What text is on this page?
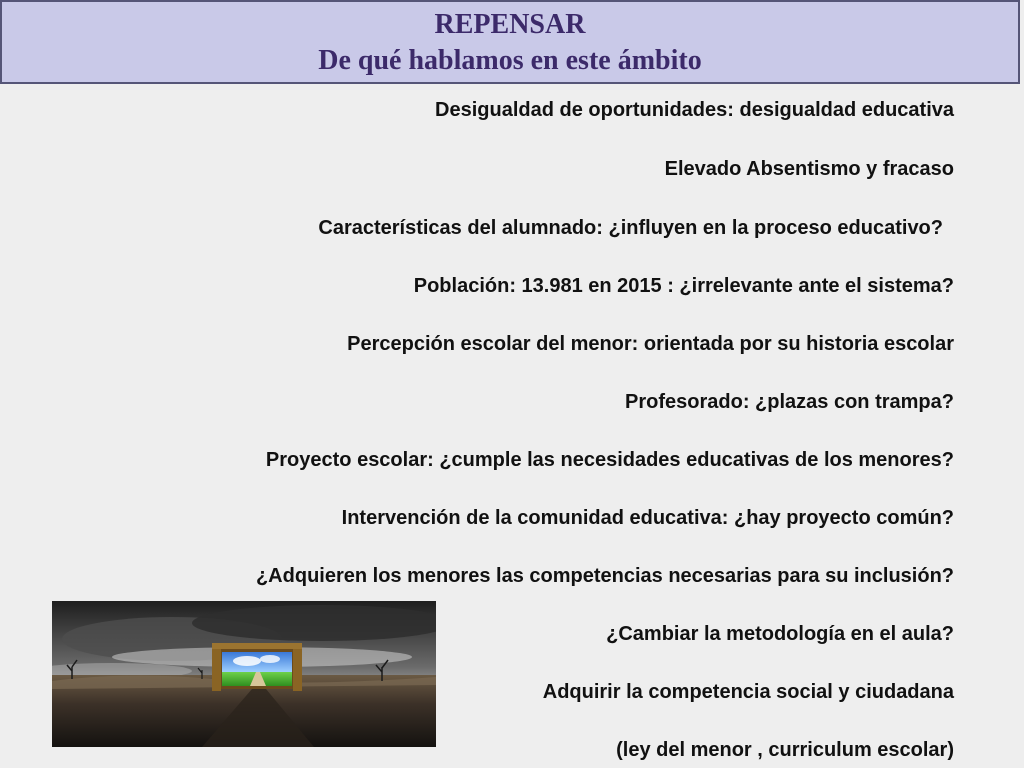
REPENSAR
De qué hablamos en este ámbito
Desigualdad de oportunidades: desigualdad educativa
Elevado Absentismo y fracaso
Características del alumnado: ¿influyen en la proceso educativo?
Población: 13.981 en 2015 : ¿irrelevante ante el sistema?
Percepción escolar del menor: orientada por su historia escolar
Profesorado: ¿plazas con trampa?
Proyecto escolar: ¿cumple las necesidades educativas de los menores?
Intervención de la comunidad educativa: ¿hay proyecto común?
¿Adquieren los menores las competencias necesarias para su inclusión?
¿Cambiar la metodología en el aula?
Adquirir la competencia social y ciudadana
(ley del menor , curriculum escolar)
